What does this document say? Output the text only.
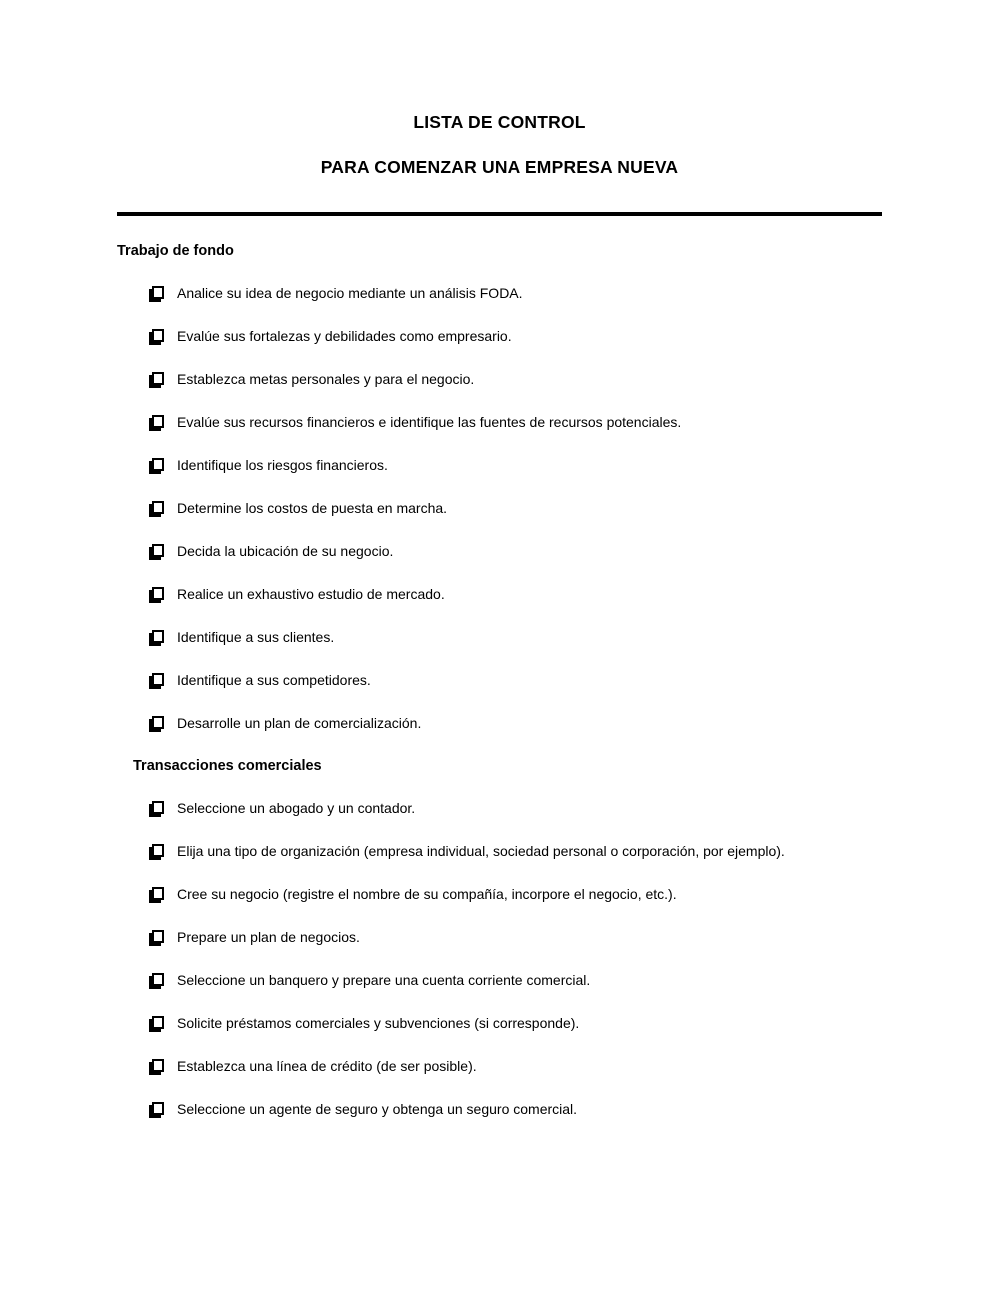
LISTA DE CONTROL
PARA COMENZAR UNA EMPRESA NUEVA
Trabajo de fondo
Analice su idea de negocio mediante un análisis FODA.
Evalúe sus fortalezas y debilidades como empresario.
Establezca metas personales y para el negocio.
Evalúe sus recursos financieros e identifique las fuentes de recursos potenciales.
Identifique los riesgos financieros.
Determine los costos de puesta en marcha.
Decida la ubicación de su negocio.
Realice un exhaustivo estudio de mercado.
Identifique a sus clientes.
Identifique a sus competidores.
Desarrolle un plan de comercialización.
Transacciones comerciales
Seleccione un abogado y un contador.
Elija una tipo de organización (empresa individual, sociedad personal o corporación, por ejemplo).
Cree su negocio (registre el nombre de su compañía, incorpore el negocio, etc.).
Prepare un plan de negocios.
Seleccione un banquero y prepare una cuenta corriente comercial.
Solicite préstamos comerciales y subvenciones (si corresponde).
Establezca una línea de crédito (de ser posible).
Seleccione un agente de seguro y obtenga un seguro comercial.
